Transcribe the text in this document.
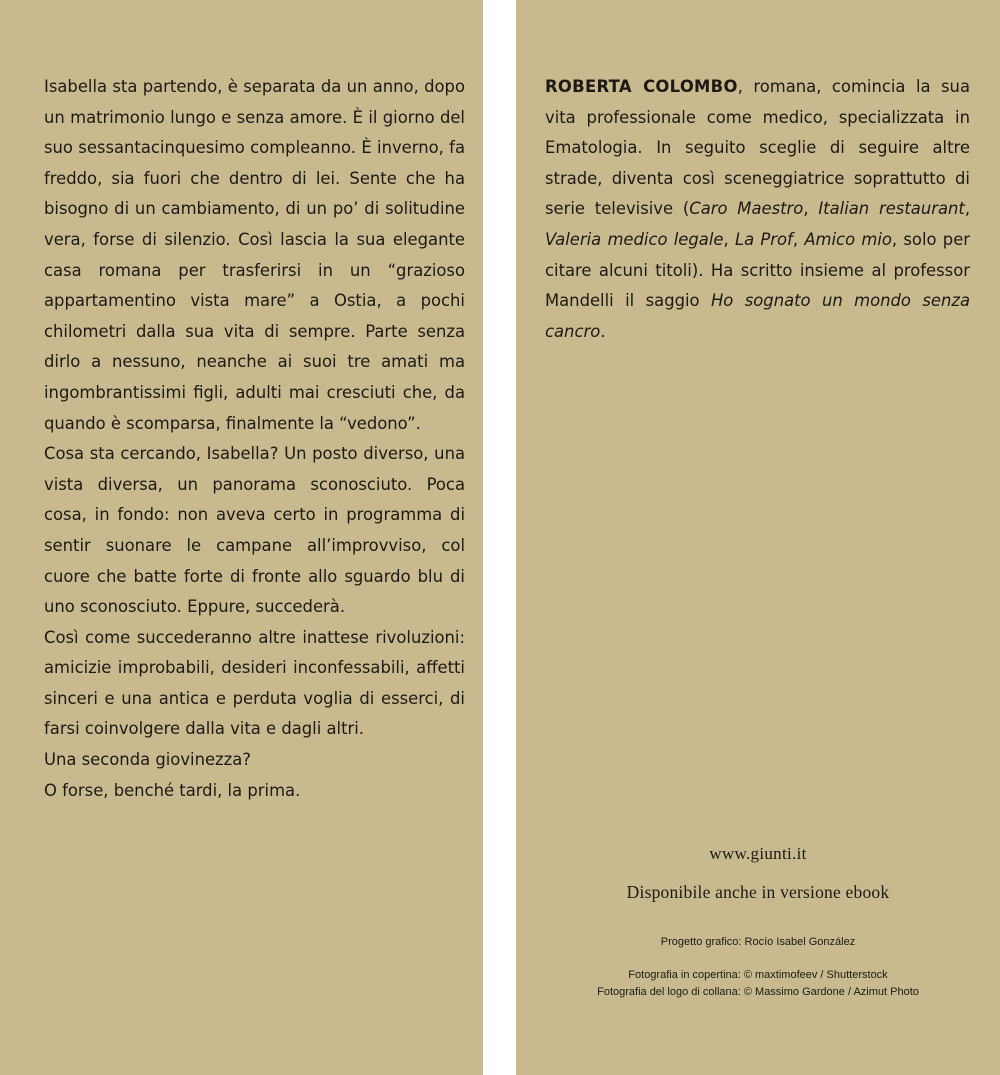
Isabella sta partendo, è separata da un anno, dopo un matrimonio lungo e senza amore. È il giorno del suo sessantacinquesimo compleanno. È inverno, fa freddo, sia fuori che dentro di lei. Sente che ha bisogno di un cambiamento, di un po’ di solitudine vera, forse di silenzio. Così lascia la sua elegante casa romana per trasferirsi in un “grazioso appartamentino vista mare” a Ostia, a pochi chilometri dalla sua vita di sempre. Parte senza dirlo a nessuno, neanche ai suoi tre amati ma ingombrantissimi figli, adulti mai cresciuti che, da quando è scomparsa, finalmente la “vedono”.

Cosa sta cercando, Isabella? Un posto diverso, una vista diversa, un panorama sconosciuto. Poca cosa, in fondo: non aveva certo in programma di sentir suonare le campane all’improvviso, col cuore che batte forte di fronte allo sguardo blu di uno sconosciuto. Eppure, succederà.

Così come succederanno altre inattese rivoluzioni: amicizie improbabili, desideri inconfessabili, affetti sinceri e una antica e perduta voglia di esserci, di farsi coinvolgere dalla vita e dagli altri.

Una seconda giovinezza?

O forse, benché tardi, la prima.

ROBERTA COLOMBO, romana, comincia la sua vita professionale come medico, specializzata in Ematologia. In seguito sceglie di seguire altre strade, diventa così sceneggiatrice soprattutto di serie televisive (Caro Maestro, Italian restaurant, Valeria medico legale, La Prof, Amico mio, solo per citare alcuni titoli). Ha scritto insieme al professor Mandelli il saggio Ho sognato un mondo senza cancro.

www.giunti.it
Disponibile anche in versione ebook
Progetto grafico: Rocío Isabel González
Fotografia in copertina: © maxtimofeev / Shutterstock
Fotografia del logo di collana: © Massimo Gardone / Azimut Photo
